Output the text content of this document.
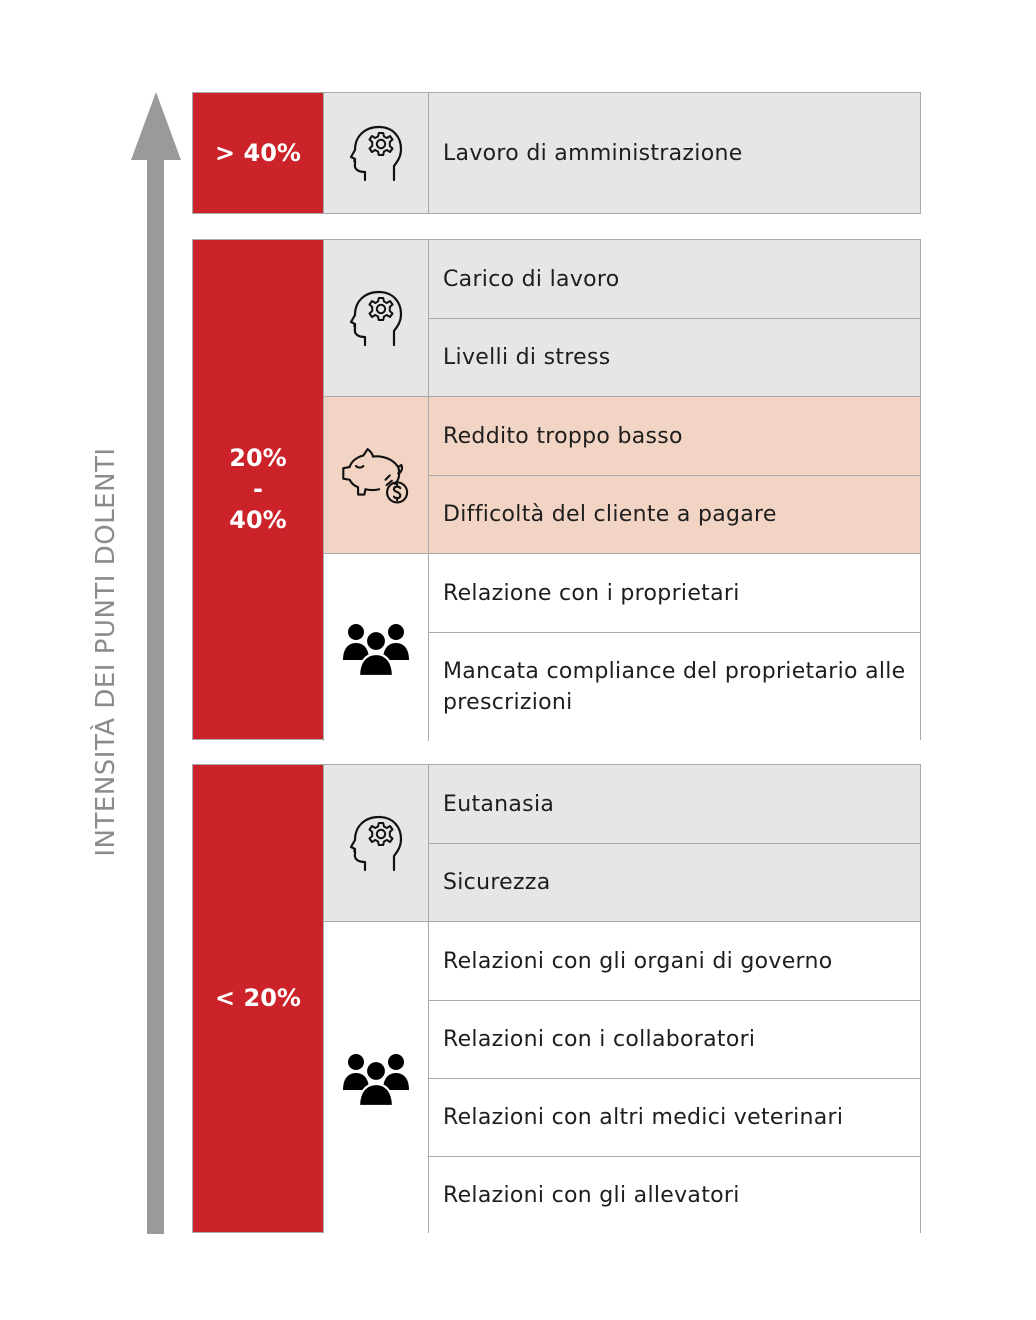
INTENSITÀ DEI PUNTI DOLENTI
> 40%	Lavoro di amministrazione
20%
-
40%
Carico di lavoro
Livelli di stress
Reddito troppo basso
Difficoltà del cliente a pagare
Relazione con i proprietari
Mancata compliance del proprietario alle prescrizioni
< 20%
Eutanasia
Sicurezza
Relazioni con gli organi di governo
Relazioni con i collaboratori
Relazioni con altri medici veterinari
Relazioni con gli allevatori
